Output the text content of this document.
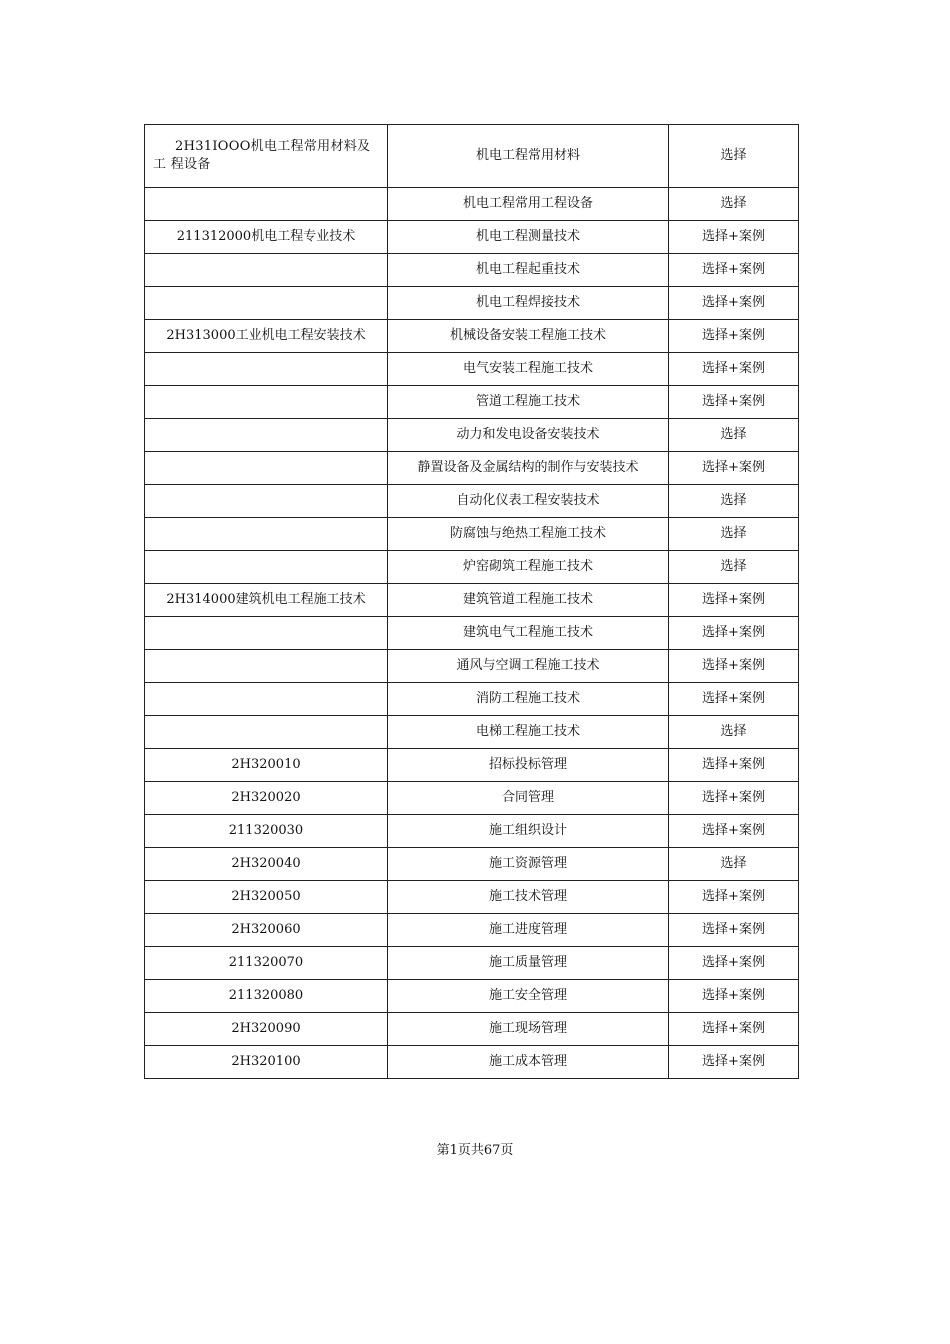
2H31IOOO机电工程常用材料及工 程设备	机电工程常用材料	选择
	机电工程常用工程设备	选择
211312000机电工程专业技术	机电工程测量技术	选择+案例
	机电工程起重技术	选择+案例
	机电工程焊接技术	选择+案例
2H313000工业机电工程安装技术	机械设备安装工程施工技术	选择+案例
	电气安装工程施工技术	选择+案例
	管道工程施工技术	选择+案例
	动力和发电设备安装技术	选择
	静置设备及金属结构的制作与安装技术	选择+案例
	自动化仪表工程安装技术	选择
	防腐蚀与绝热工程施工技术	选择
	炉窑砌筑工程施工技术	选择
2H314000建筑机电工程施工技术	建筑管道工程施工技术	选择+案例
	建筑电气工程施工技术	选择+案例
	通风与空调工程施工技术	选择+案例
	消防工程施工技术	选择+案例
	电梯工程施工技术	选择
2H320010	招标投标管理	选择+案例
2H320020	合同管理	选择+案例
211320030	施工组织设计	选择+案例
2H320040	施工资源管理	选择
2H320050	施工技术管理	选择+案例
2H320060	施工进度管理	选择+案例
211320070	施工质量管理	选择+案例
211320080	施工安全管理	选择+案例
2H320090	施工现场管理	选择+案例
2H320100	施工成本管理	选择+案例
第1页共67页
